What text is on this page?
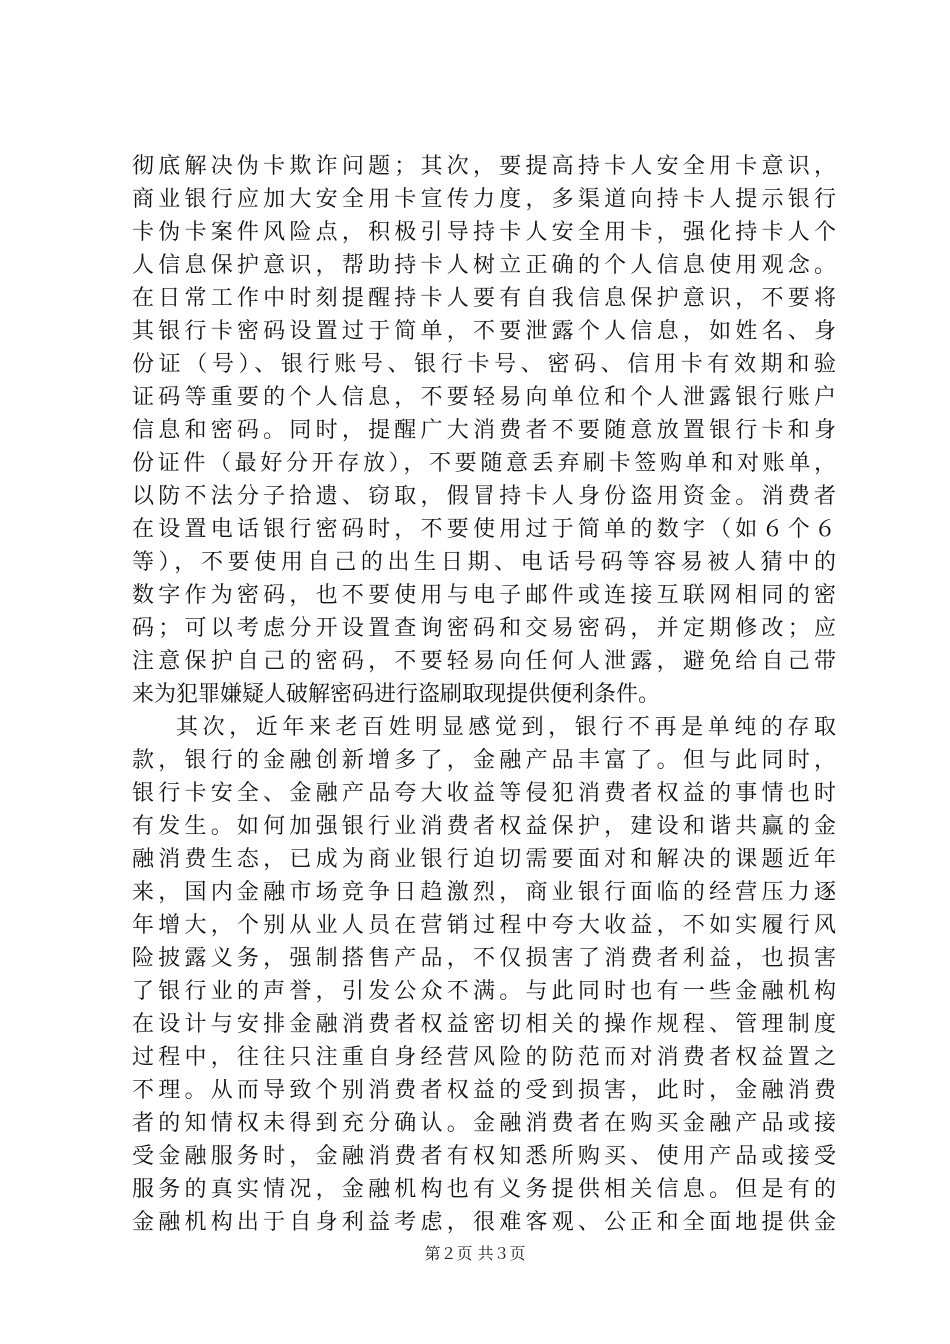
彻底解决伪卡欺诈问题；其次，要提高持卡人安全用卡意识，
商业银行应加大安全用卡宣传力度，多渠道向持卡人提示银行
卡伪卡案件风险点，积极引导持卡人安全用卡，强化持卡人个
人信息保护意识，帮助持卡人树立正确的个人信息使用观念。
在日常工作中时刻提醒持卡人要有自我信息保护意识，不要将
其银行卡密码设置过于简单，不要泄露个人信息，如姓名、身
份证（号）、银行账号、银行卡号、密码、信用卡有效期和验
证码等重要的个人信息，不要轻易向单位和个人泄露银行账户
信息和密码。同时，提醒广大消费者不要随意放置银行卡和身
份证件（最好分开存放），不要随意丢弃刷卡签购单和对账单，
以防不法分子拾遗、窃取，假冒持卡人身份盗用资金。消费者
在设置电话银行密码时，不要使用过于简单的数字（如６个６
等），不要使用自己的出生日期、电话号码等容易被人猜中的
数字作为密码，也不要使用与电子邮件或连接互联网相同的密
码；可以考虑分开设置查询密码和交易密码，并定期修改；应
注意保护自己的密码，不要轻易向任何人泄露，避免给自己带
来为犯罪嫌疑人破解密码进行盗刷取现提供便利条件。
其次，近年来老百姓明显感觉到，银行不再是单纯的存取
款，银行的金融创新增多了，金融产品丰富了。但与此同时，
银行卡安全、金融产品夸大收益等侵犯消费者权益的事情也时
有发生。如何加强银行业消费者权益保护，建设和谐共赢的金
融消费生态，已成为商业银行迫切需要面对和解决的课题近年
来，国内金融市场竞争日趋激烈，商业银行面临的经营压力逐
年增大，个别从业人员在营销过程中夸大收益，不如实履行风
险披露义务，强制搭售产品，不仅损害了消费者利益，也损害
了银行业的声誉，引发公众不满。与此同时也有一些金融机构
在设计与安排金融消费者权益密切相关的操作规程、管理制度
过程中，往往只注重自身经营风险的防范而对消费者权益置之
不理。从而导致个别消费者权益的受到损害，此时，金融消费
者的知情权未得到充分确认。金融消费者在购买金融产品或接
受金融服务时，金融消费者有权知悉所购买、使用产品或接受
服务的真实情况，金融机构也有义务提供相关信息。但是有的
金融机构出于自身利益考虑，很难客观、公正和全面地提供金
第２页 共３页
